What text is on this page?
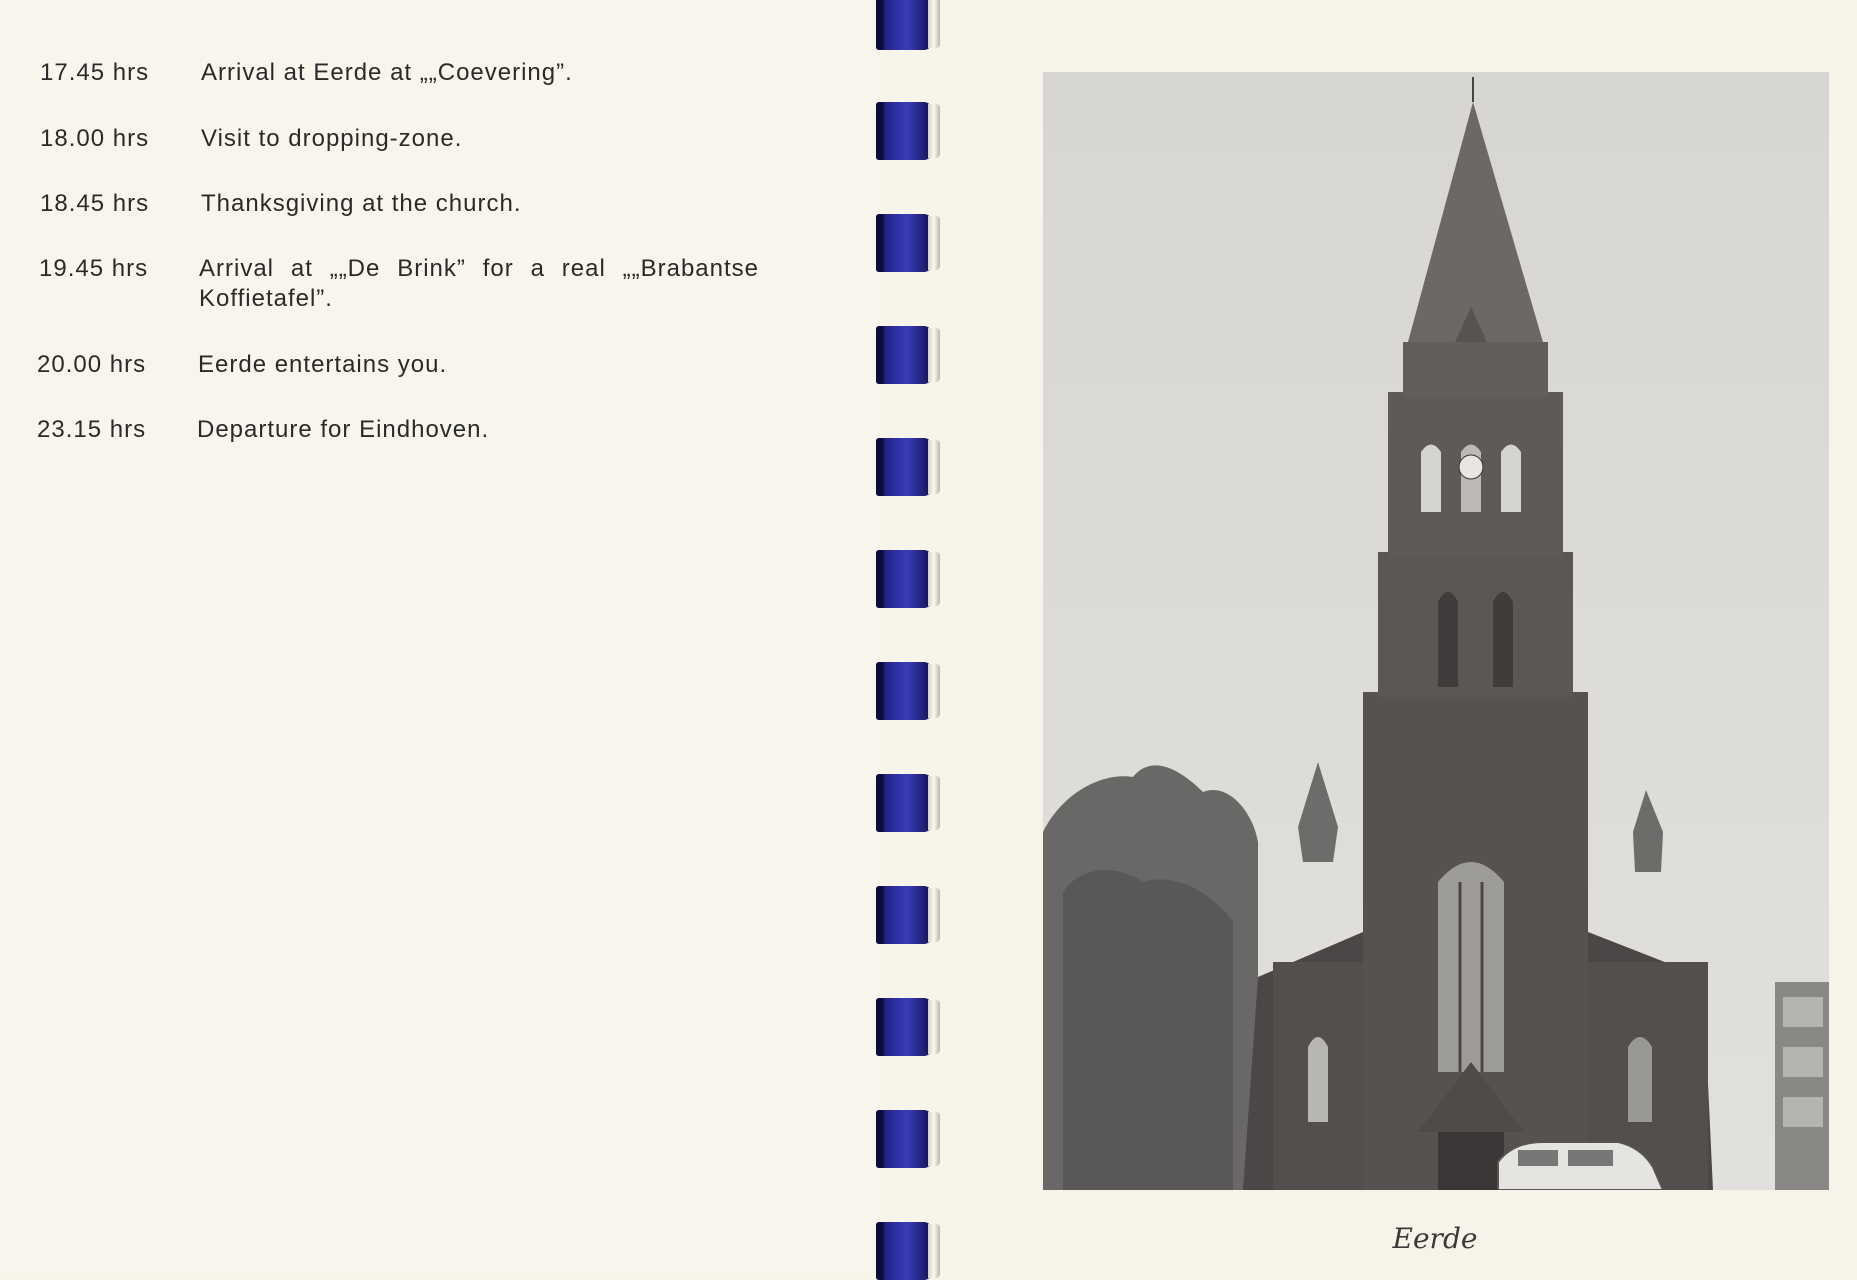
17.45 hrs Arrival at Eerde at „„Coevering”.
18.00 hrs Visit to dropping-zone.
18.45 hrs Thanksgiving at the church.
19.45 hrs Arrival at „„De Brink” for a real „„Brabantse Koffietafel”.
20.00 hrs Eerde entertains you.
23.15 hrs Departure for Eindhoven.
Eerde
